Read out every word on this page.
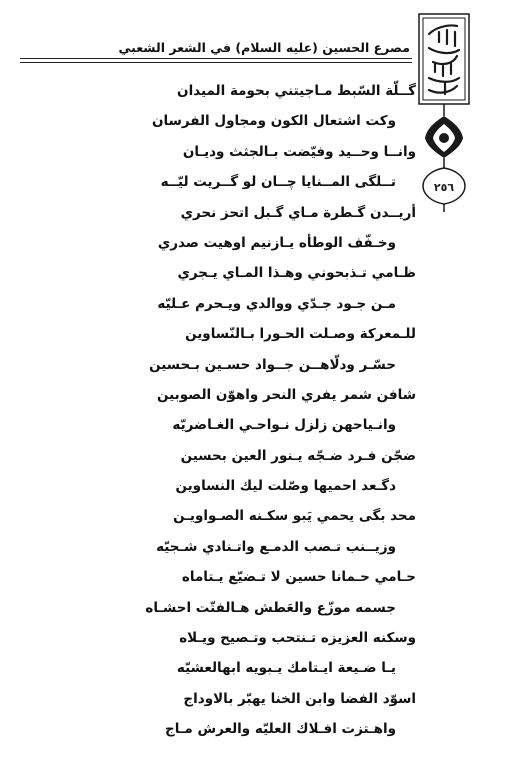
مصرع الحسين (عليه السلام) في الشعر الشعبي
٢٥٦
گــلّة السّبط مـاجيتني بحومة الميدان
وكت اشتعال الكون ومجاول الفرسان
وانــا وحــيد وفيّضت بـالجثث وديـان
تــلگى المــنايا چــان لو گــريت ليّــه
أريــدن گـطرة مـاي گـبل اتحز نحري
وخـفّف الوطأه يـازنيم اوهيت صدري
ظـامي تـذبحوني وهـذا المـاي يـجري
مـن جـود جـدّي ووالدي ويـحرم عـليّه
للـمعركة وصـلت الحـورا بـالنّساوين
حسّـر ودلّاهــن جــواد حسـين بـحسين
شافن شمر يفري النحر واهوّن الصوبين
وانـياحهن زلزل نـواحـي الغـاضريّه
ضجّن فـرد ضـجّه يـنور العين بحسين
دگـعد احميها وصّلت ليك النساوين
محد بگى يحمي يَبو سكـنه الصـواويـن
وزيــنب تـصب الدمـع واتـنادي شـجيّه
حـامي حـمانا حسين لا تـضيّع يـتاماه
جسمه موزّع والعَطش هـالفتّت احشـاه
وسكنه العزيزه تـنتحب وتـصيح ويـلاه
يـا ضـيعة ايـتامك يـبويه ابهالعشيّه
اسوّد الفضا وابن الخنا يهبّر بالاوداج
واهـتزت افـلاك العليّه والعرش مـاج
